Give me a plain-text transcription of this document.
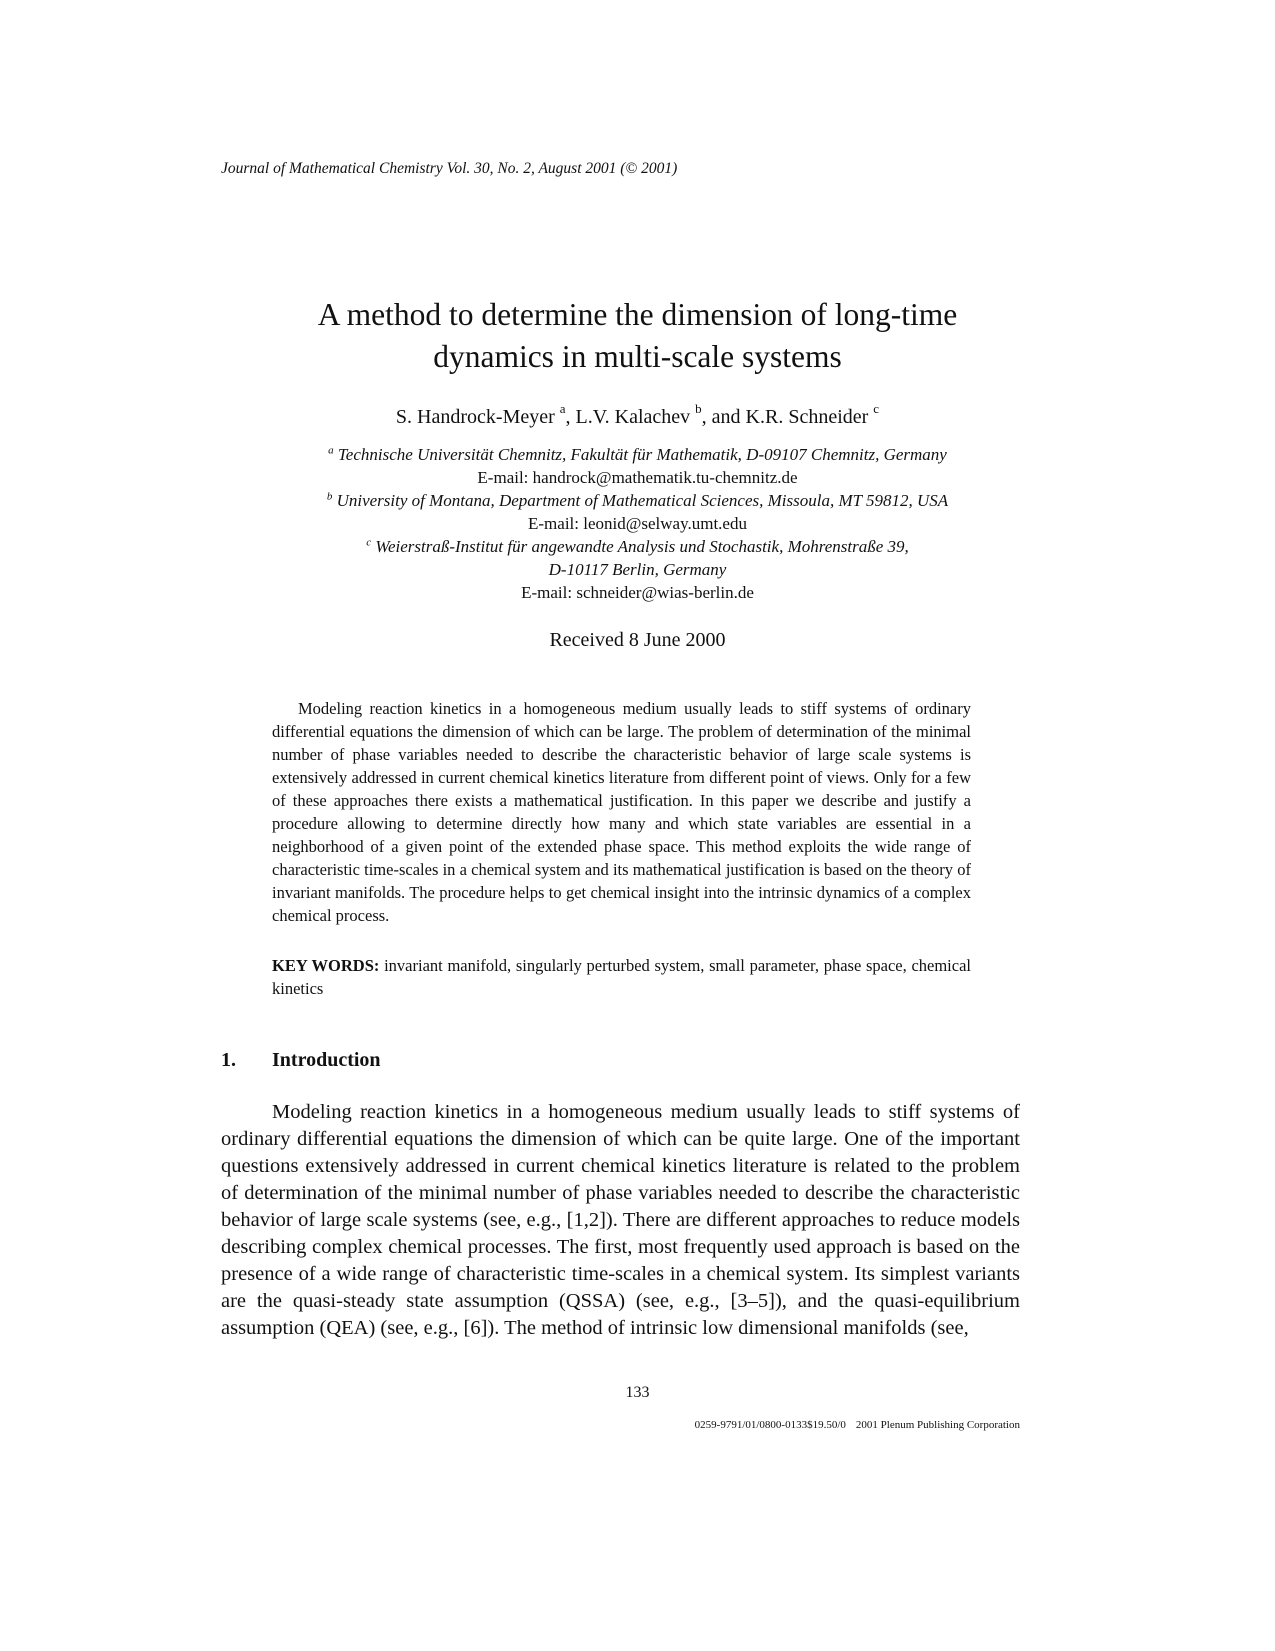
Journal of Mathematical Chemistry Vol. 30, No. 2, August 2001 (© 2001)
A method to determine the dimension of long-time
dynamics in multi-scale systems
S. Handrock-Meyer $^a$, L.V. Kalachev $^b$, and K.R. Schneider $^c$
$^a$ Technische Universität Chemnitz, Fakultät für Mathematik, D-09107 Chemnitz, Germany
E-mail: handrock@mathematik.tu-chemnitz.de
$^b$ University of Montana, Department of Mathematical Sciences, Missoula, MT 59812, USA
E-mail: leonid@selway.umt.edu
$^c$ Weierstraß-Institut für angewandte Analysis und Stochastik, Mohrenstraße 39,
D-10117 Berlin, Germany
E-mail: schneider@wias-berlin.de
Received 8 June 2000
Modeling reaction kinetics in a homogeneous medium usually leads to stiff systems of ordinary differential equations the dimension of which can be large. The problem of determination of the minimal number of phase variables needed to describe the characteristic behavior of large scale systems is extensively addressed in current chemical kinetics literature from different point of views. Only for a few of these approaches there exists a mathematical justification. In this paper we describe and justify a procedure allowing to determine directly how many and which state variables are essential in a neighborhood of a given point of the extended phase space. This method exploits the wide range of characteristic time-scales in a chemical system and its mathematical justification is based on the theory of invariant manifolds. The procedure helps to get chemical insight into the intrinsic dynamics of a complex chemical process.
KEY WORDS: invariant manifold, singularly perturbed system, small parameter, phase space, chemical kinetics
1. Introduction
Modeling reaction kinetics in a homogeneous medium usually leads to stiff systems of ordinary differential equations the dimension of which can be quite large. One of the important questions extensively addressed in current chemical kinetics literature is related to the problem of determination of the minimal number of phase variables needed to describe the characteristic behavior of large scale systems (see, e.g., [1,2]). There are different approaches to reduce models describing complex chemical processes. The first, most frequently used approach is based on the presence of a wide range of characteristic time-scales in a chemical system. Its simplest variants are the quasi-steady state assumption (QSSA) (see, e.g., [3–5]), and the quasi-equilibrium assumption (QEA) (see, e.g., [6]). The method of intrinsic low dimensional manifolds (see,
133
0259-9791/01/0800-0133$19.50/0 2001 Plenum Publishing Corporation
